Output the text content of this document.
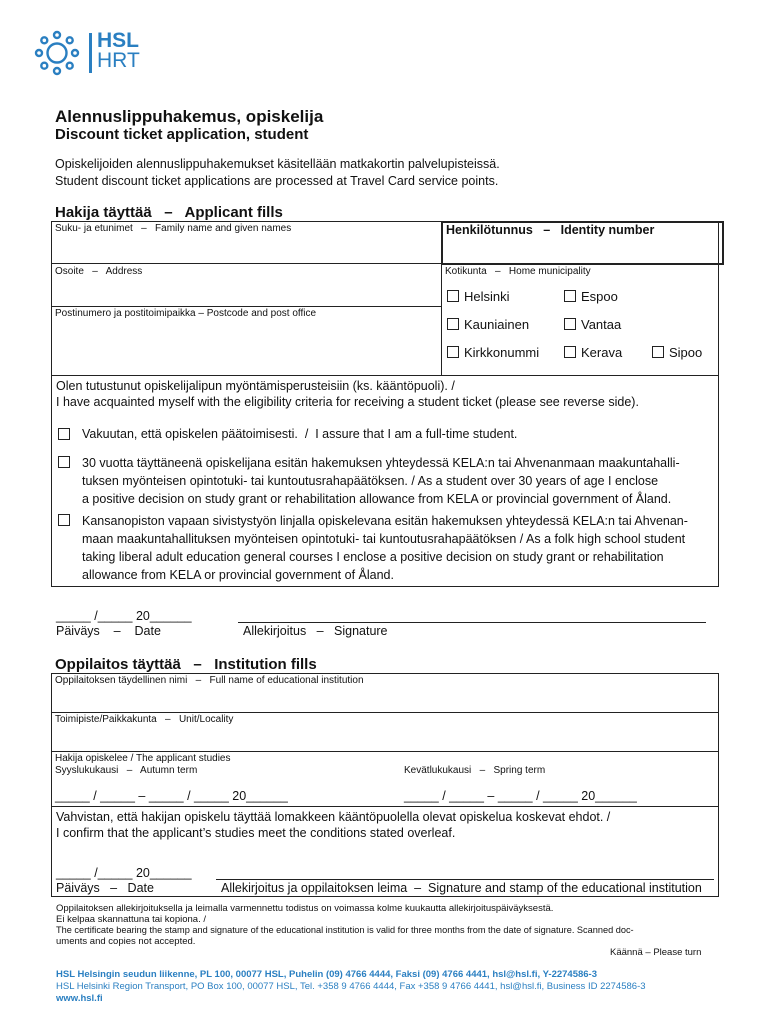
HSL
HRT
Alennuslippuhakemus, opiskelija
Discount ticket application, student
Opiskelijoiden alennuslippuhakemukset käsitellään matkakortin palvelupisteissä.
Student discount ticket applications are processed at Travel Card service points.
Hakija täyttää   –   Applicant fills
Suku- ja etunimet   –   Family name and given names	Henkilötunnus   –   Identity number
Osoite   –   Address	Kotikunta   –   Home municipality
Postinumero ja postitoimipaikka – Postcode and post office
Helsinki	Espoo
Kauniainen	Vantaa
Kirkkonummi	Kerava	Sipoo
Olen tutustunut opiskelijalipun myöntämisperusteisiin (ks. kääntöpuoli). /
I have acquainted myself with the eligibility criteria for receiving a student ticket (please see reverse side).
Vakuutan, että opiskelen päätoimisesti.  /  I assure that I am a full-time student.
30 vuotta täyttäneenä opiskelijana esitän hakemuksen yhteydessä KELA:n tai Ahvenanmaan maakuntahalli-
tuksen myönteisen opintotuki- tai kuntoutusrahapäätöksen. / As a student over 30 years of age I enclose
a positive decision on study grant or rehabilitation allowance from KELA or provincial government of Åland.
Kansanopiston vapaan sivistystyön linjalla opiskelevana esitän hakemuksen yhteydessä KELA:n tai Ahvenan-
maan maakuntahallituksen myönteisen opintotuki- tai kuntoutusrahapäätöksen / As a folk high school student
taking liberal adult education general courses I enclose a positive decision on study grant or rehabilitation
allowance from KELA or provincial government of Åland.
_____ /_____ 20______
Päiväys    –    Date	Allekirjoitus   –   Signature
Oppilaitos täyttää   –   Institution fills
Oppilaitoksen täydellinen nimi   –   Full name of educational institution
Toimipiste/Paikkakunta   –   Unit/Locality
Hakija opiskelee / The applicant studies
Syyslukukausi   –   Autumn term	Kevätlukukausi   –   Spring term
_____ / _____ – _____ / _____ 20______	_____ / _____ – _____ / _____ 20______
Vahvistan, että hakijan opiskelu täyttää lomakkeen kääntöpuolella olevat opiskelua koskevat ehdot. /
I confirm that the applicant’s studies meet the conditions stated overleaf.
_____ /_____ 20______
Päiväys   –   Date	Allekirjoitus ja oppilaitoksen leima  –  Signature and stamp of the educational institution
Oppilaitoksen allekirjoituksella ja leimalla varmennettu todistus on voimassa kolme kuukautta allekirjoituspäiväyksestä.
Ei kelpaa skannattuna tai kopiona. /
The certificate bearing the stamp and signature of the educational institution is valid for three months from the date of signature. Scanned doc-
uments and copies not accepted.
Käännä – Please turn
HSL Helsingin seudun liikenne, PL 100, 00077 HSL, Puhelin (09) 4766 4444, Faksi (09) 4766 4441, hsl@hsl.fi, Y-2274586-3
HSL Helsinki Region Transport, PO Box 100, 00077 HSL, Tel. +358 9 4766 4444, Fax +358 9 4766 4441, hsl@hsl.fi, Business ID 2274586-3
www.hsl.fi
